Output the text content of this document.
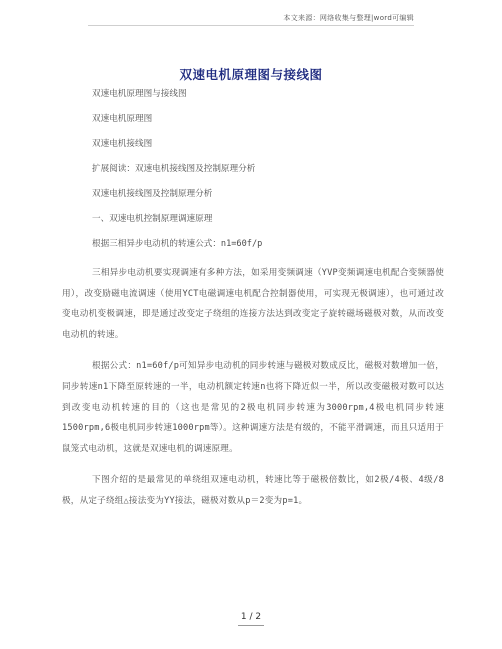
本文来源：网络收集与整理|word可编辑
双速电机原理图与接线图
双速电机原理图与接线图
双速电机原理图
双速电机接线图
扩展阅读：双速电机接线图及控制原理分析
双速电机接线图及控制原理分析
一、双速电机控制原理调速原理
根据三相异步电动机的转速公式：n1=60f/p

三相异步电动机要实现调速有多种方法，如采用变频调速（YVP变频调速电机配合变频器使用），改变励磁电流调速（使用YCT电磁调速电机配合控制器使用，可实现无极调速），也可通过改变电动机变极调速，即是通过改变定子绕组的连接方法达到改变定子旋转磁场磁极对数，从而改变电动机的转速。

根据公式：n1=60f/p可知异步电动机的同步转速与磁极对数成反比，磁极对数增加一倍，同步转速n1下降至原转速的一半，电动机额定转速n也将下降近似一半，所以改变磁极对数可以达到改变电动机转速的目的（这也是常见的2极电机同步转速为3000rpm,4极电机同步转速1500rpm,6极电机同步转速1000rpm等）。这种调速方法是有级的，不能平滑调速，而且只适用于鼠笼式电动机，这就是双速电机的调速原理。

下图介绍的是最常见的单绕组双速电动机，转速比等于磁极倍数比，如2极/4极、4级/8极，从定子绕组△接法变为YY接法，磁极对数从p＝2变为p=1。

1 / 2
